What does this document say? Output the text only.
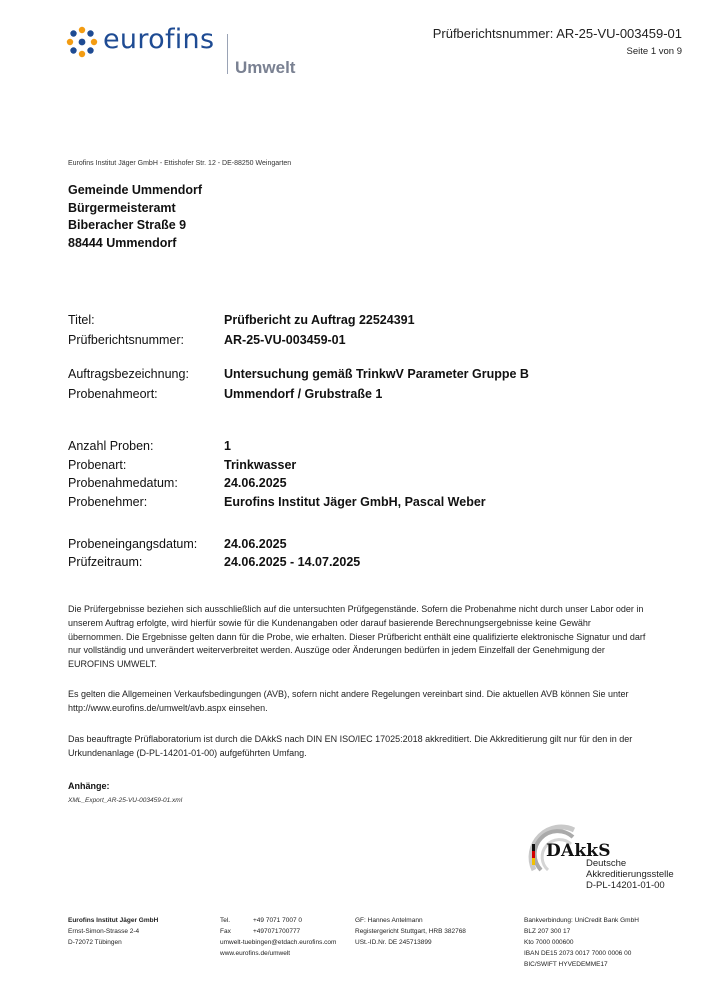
eurofins
Umwelt
Prüfberichtsnummer: AR-25-VU-003459-01
Seite 1 von 9
Eurofins Institut Jäger GmbH - Ettishofer Str. 12 - DE-88250 Weingarten
Gemeinde Ummendorf
Bürgermeisteramt
Biberacher Straße 9
88444 Ummendorf
Titel:	Prüfbericht zu Auftrag 22524391
Prüfberichtsnummer:	AR-25-VU-003459-01
Auftragsbezeichnung:	Untersuchung gemäß TrinkwV Parameter Gruppe B
Probenahmeort:	Ummendorf / Grubstraße 1
Anzahl Proben:	1
Probenart:	Trinkwasser
Probenahmedatum:	24.06.2025
Probenehmer:	Eurofins Institut Jäger GmbH, Pascal Weber
Probeneingangsdatum: 24.06.2025
Prüfzeitraum:	24.06.2025 - 14.07.2025
Die Prüfergebnisse beziehen sich ausschließlich auf die untersuchten Prüfgegenstände. Sofern die Probenahme nicht durch unser Labor oder in
unserem Auftrag erfolgte, wird hierfür sowie für die Kundenangaben oder darauf basierende Berechnungsergebnisse keine Gewähr
übernommen. Die Ergebnisse gelten dann für die Probe, wie erhalten. Dieser Prüfbericht enthält eine qualifizierte elektronische Signatur und darf
nur vollständig und unverändert weiterverbreitet werden. Auszüge oder Änderungen bedürfen in jedem Einzelfall der Genehmigung der
EUROFINS UMWELT.
Es gelten die Allgemeinen Verkaufsbedingungen (AVB), sofern nicht andere Regelungen vereinbart sind. Die aktuellen AVB können Sie unter
http://www.eurofins.de/umwelt/avb.aspx einsehen.
Das beauftragte Prüflaboratorium ist durch die DAkkS nach DIN EN ISO/IEC 17025:2018 akkreditiert. Die Akkreditierung gilt nur für den in der
Urkundenanlage (D-PL-14201-01-00) aufgeführten Umfang.
Anhänge:
XML_Export_AR-25-VU-003459-01.xml
DAkkS
Deutsche
Akkreditierungsstelle
D-PL-14201-01-00
Eurofins Institut Jäger GmbH
Ernst-Simon-Strasse 2-4
D-72072 Tübingen
Tel.	+49 7071 7007 0
Fax	+497071700777
umwelt-tuebingen@etdach.eurofins.com
www.eurofins.de/umwelt
GF: Hannes Antelmann
Registergericht Stuttgart, HRB 382768
USt.-ID.Nr. DE 245713899
Bankverbindung: UniCredit Bank GmbH
BLZ 207 300 17
Kto 7000 000600
IBAN DE15 2073 0017 7000 0006 00
BIC/SWIFT HYVEDEMME17
